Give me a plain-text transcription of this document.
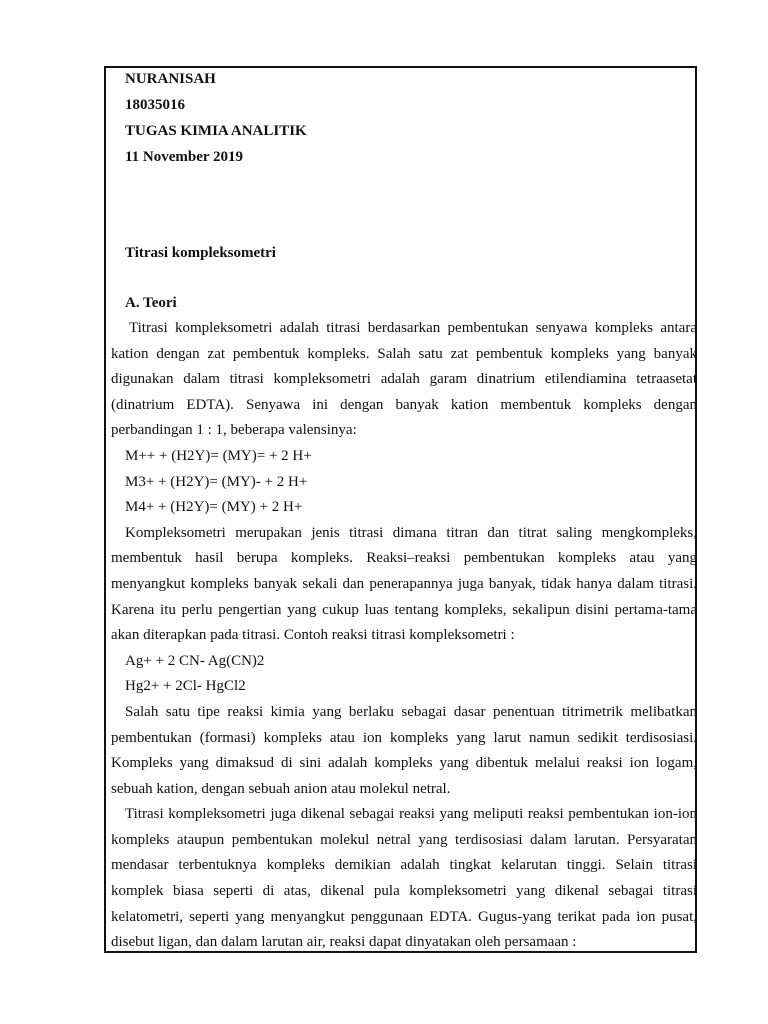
NURANISAH
18035016
TUGAS KIMIA ANALITIK
11 November 2019
Titrasi kompleksometri
A. Teori

Titrasi kompleksometri adalah titrasi berdasarkan pembentukan senyawa kompleks antara kation dengan zat pembentuk kompleks. Salah satu zat pembentuk kompleks yang banyak digunakan dalam titrasi kompleksometri adalah garam dinatrium etilendiamina tetraasetat (dinatrium EDTA). Senyawa ini dengan banyak kation membentuk kompleks dengan perbandingan 1 : 1, beberapa valensinya:

M++ + (H2Y)= (MY)= + 2 H+

M3+ + (H2Y)= (MY)- + 2 H+

M4+ + (H2Y)= (MY) + 2 H+

Kompleksometri merupakan jenis titrasi dimana titran dan titrat saling mengkompleks, membentuk hasil berupa kompleks. Reaksi–reaksi pembentukan kompleks atau yang menyangkut kompleks banyak sekali dan penerapannya juga banyak, tidak hanya dalam titrasi. Karena itu perlu pengertian yang cukup luas tentang kompleks, sekalipun disini pertama-tama akan diterapkan pada titrasi. Contoh reaksi titrasi kompleksometri :

Ag+ + 2 CN- Ag(CN)2

Hg2+ + 2Cl- HgCl2

Salah satu tipe reaksi kimia yang berlaku sebagai dasar penentuan titrimetrik melibatkan pembentukan (formasi) kompleks atau ion kompleks yang larut namun sedikit terdisosiasi. Kompleks yang dimaksud di sini adalah kompleks yang dibentuk melalui reaksi ion logam, sebuah kation, dengan sebuah anion atau molekul netral.

Titrasi kompleksometri juga dikenal sebagai reaksi yang meliputi reaksi pembentukan ion-ion kompleks ataupun pembentukan molekul netral yang terdisosiasi dalam larutan. Persyaratan mendasar terbentuknya kompleks demikian adalah tingkat kelarutan tinggi. Selain titrasi komplek biasa seperti di atas, dikenal pula kompleksometri yang dikenal sebagai titrasi kelatometri, seperti yang menyangkut penggunaan EDTA. Gugus-yang terikat pada ion pusat, disebut ligan, dan dalam larutan air, reaksi dapat dinyatakan oleh persamaan :
